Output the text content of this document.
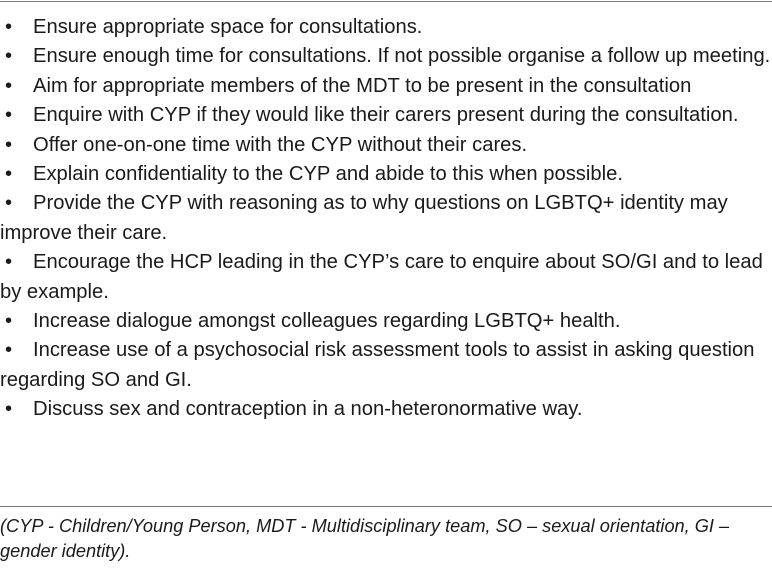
• Ensure appropriate space for consultations.
• Ensure enough time for consultations. If not possible organise a follow up meeting.
• Aim for appropriate members of the MDT to be present in the consultation
• Enquire with CYP if they would like their carers present during the consultation.
• Offer one-on-one time with the CYP without their cares.
• Explain confidentiality to the CYP and abide to this when possible.
• Provide the CYP with reasoning as to why questions on LGBTQ+ identity may improve their care.
• Encourage the HCP leading in the CYP’s care to enquire about SO/GI and to lead by example.
• Increase dialogue amongst colleagues regarding LGBTQ+ health.
• Increase use of a psychosocial risk assessment tools to assist in asking question regarding SO and GI.
• Discuss sex and contraception in a non-heteronormative way.

(CYP - Children/Young Person, MDT - Multidisciplinary team, SO – sexual orientation, GI – gender identity).
